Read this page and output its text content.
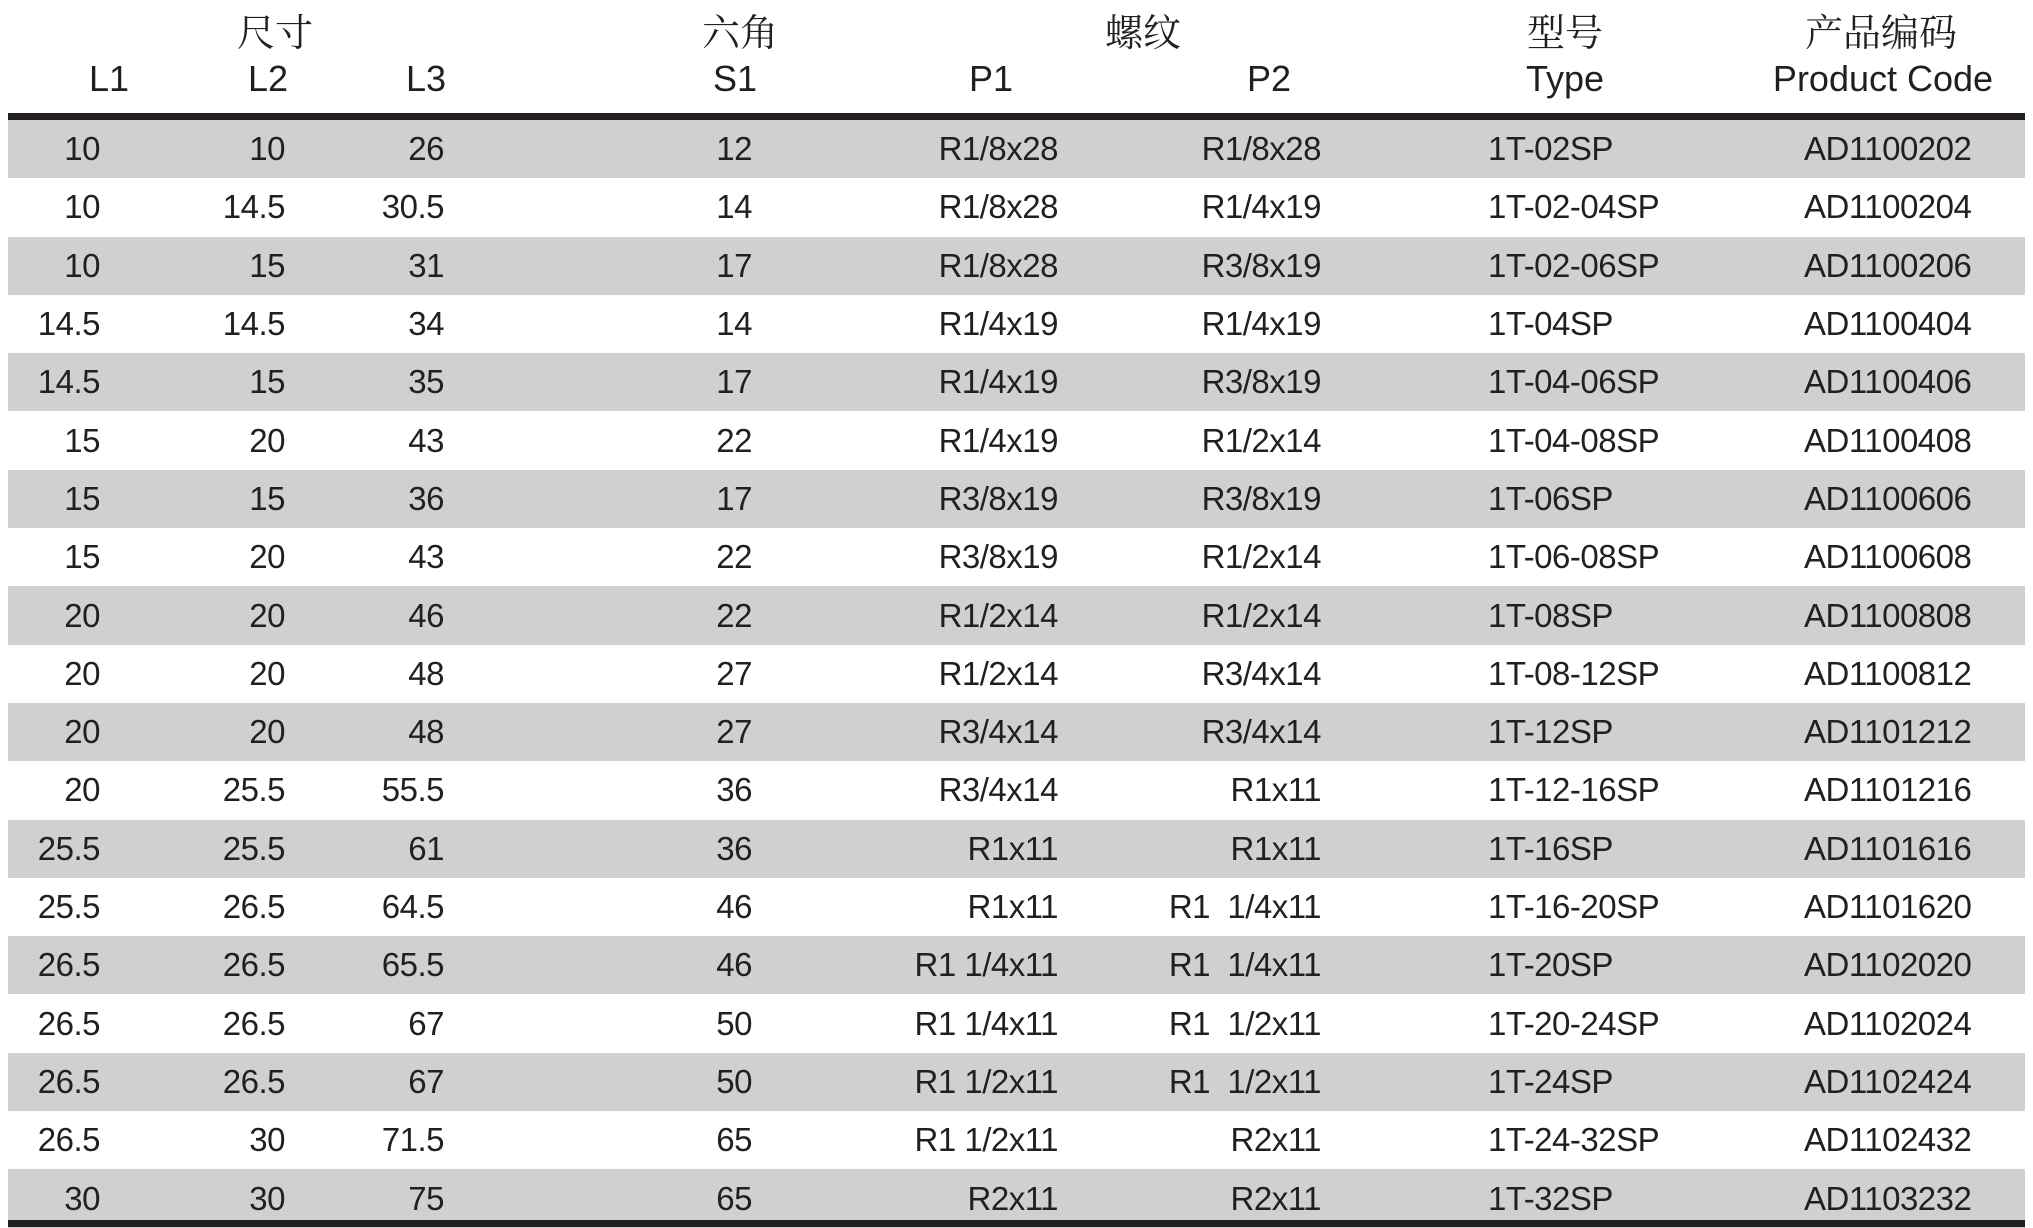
尺寸	六角	螺纹	型号	产品编码
L1	L2	L3	S1	P1	P2	Type	Product Code
10	10	26	12	R1/8x28	R1/8x28	1T-02SP	AD1100202
10	14.5	30.5	14	R1/8x28	R1/4x19	1T-02-04SP	AD1100204
10	15	31	17	R1/8x28	R3/8x19	1T-02-06SP	AD1100206
14.5	14.5	34	14	R1/4x19	R1/4x19	1T-04SP	AD1100404
14.5	15	35	17	R1/4x19	R3/8x19	1T-04-06SP	AD1100406
15	20	43	22	R1/4x19	R1/2x14	1T-04-08SP	AD1100408
15	15	36	17	R3/8x19	R3/8x19	1T-06SP	AD1100606
15	20	43	22	R3/8x19	R1/2x14	1T-06-08SP	AD1100608
20	20	46	22	R1/2x14	R1/2x14	1T-08SP	AD1100808
20	20	48	27	R1/2x14	R3/4x14	1T-08-12SP	AD1100812
20	20	48	27	R3/4x14	R3/4x14	1T-12SP	AD1101212
20	25.5	55.5	36	R3/4x14	R1x11	1T-12-16SP	AD1101216
25.5	25.5	61	36	R1x11	R1x11	1T-16SP	AD1101616
25.5	26.5	64.5	46	R1x11	R1  1/4x11	1T-16-20SP	AD1101620
26.5	26.5	65.5	46	R1 1/4x11	R1  1/4x11	1T-20SP	AD1102020
26.5	26.5	67	50	R1 1/4x11	R1  1/2x11	1T-20-24SP	AD1102024
26.5	26.5	67	50	R1 1/2x11	R1  1/2x11	1T-24SP	AD1102424
26.5	30	71.5	65	R1 1/2x11	R2x11	1T-24-32SP	AD1102432
30	30	75	65	R2x11	R2x11	1T-32SP	AD1103232
